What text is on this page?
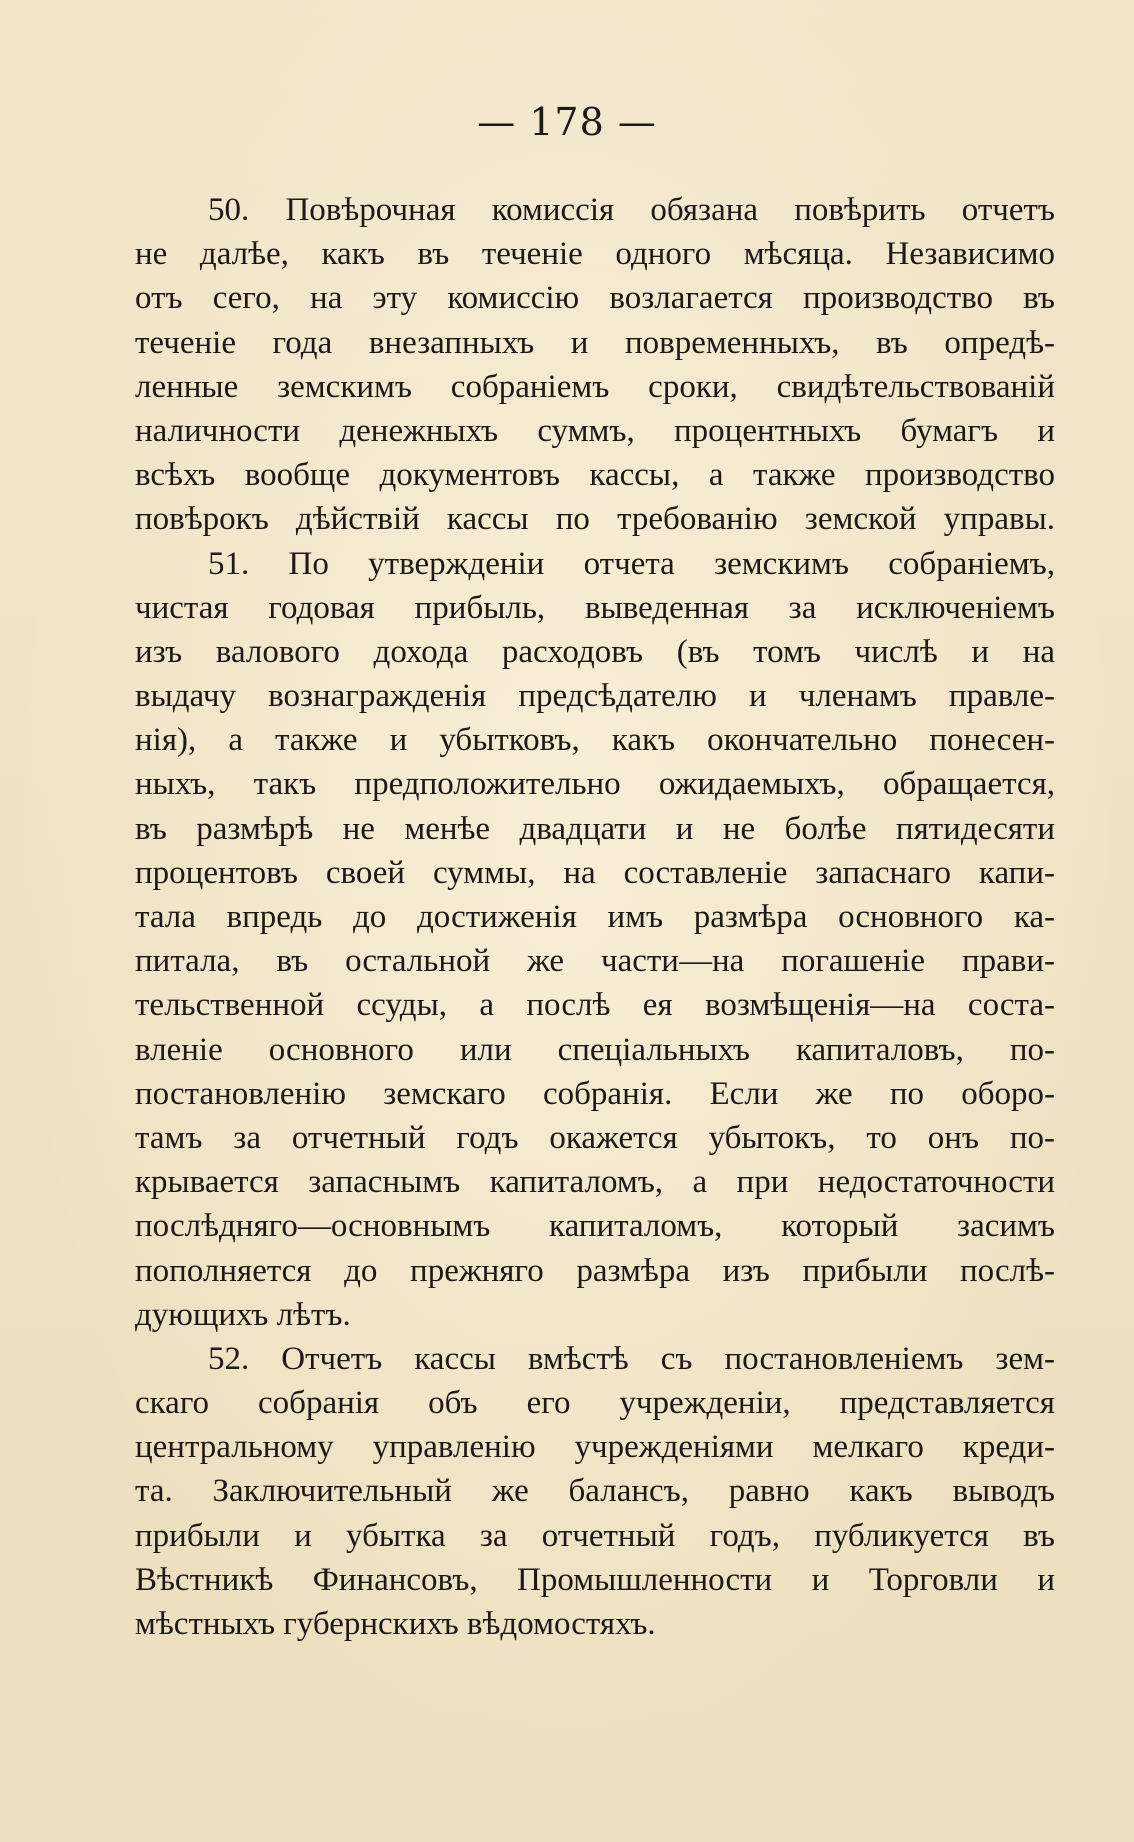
— 178 —
50. Повѣрочная комиссія обязана повѣрить отчетъ
не далѣе, какъ въ теченіе одного мѣсяца. Независимо
отъ сего, на эту комиссію возлагается производство въ
теченіе года внезапныхъ и повременныхъ, въ опредѣ-
ленные земскимъ собраніемъ сроки, свидѣтельствованій
наличности денежныхъ суммъ, процентныхъ бумагъ и
всѣхъ вообще документовъ кассы, а также производство
повѣрокъ дѣйствій кассы по требованію земской управы.
51. По утвержденіи отчета земскимъ собраніемъ,
чистая годовая прибыль, выведенная за исключеніемъ
изъ валового дохода расходовъ (въ томъ числѣ и на
выдачу вознагражденія предсѣдателю и членамъ правле-
нія), а также и убытковъ, какъ окончательно понесен-
ныхъ, такъ предположительно ожидаемыхъ, обращается,
въ размѣрѣ не менѣе двадцати и не болѣе пятидесяти
процентовъ своей суммы, на составленіе запаснаго капи-
тала впредь до достиженія имъ размѣра основного ка-
питала, въ остальной же части—на погашеніе прави-
тельственной ссуды, а послѣ ея возмѣщенія—на соста-
вленіе основного или спеціальныхъ капиталовъ, по-
постановленію земскаго собранія. Если же по оборо-
тамъ за отчетный годъ окажется убытокъ, то онъ по-
крывается запаснымъ капиталомъ, а при недостаточности
послѣдняго—основнымъ капиталомъ, который засимъ
пополняется до прежняго размѣра изъ прибыли послѣ-
дующихъ лѣтъ.
52. Отчетъ кассы вмѣстѣ съ постановленіемъ зем-
скаго собранія объ его учрежденіи, представляется
центральному управленію учрежденіями мелкаго креди-
та. Заключительный же балансъ, равно какъ выводъ
прибыли и убытка за отчетный годъ, публикуется въ
Вѣстникѣ Финансовъ, Промышленности и Торговли и
мѣстныхъ губернскихъ вѣдомостяхъ.
